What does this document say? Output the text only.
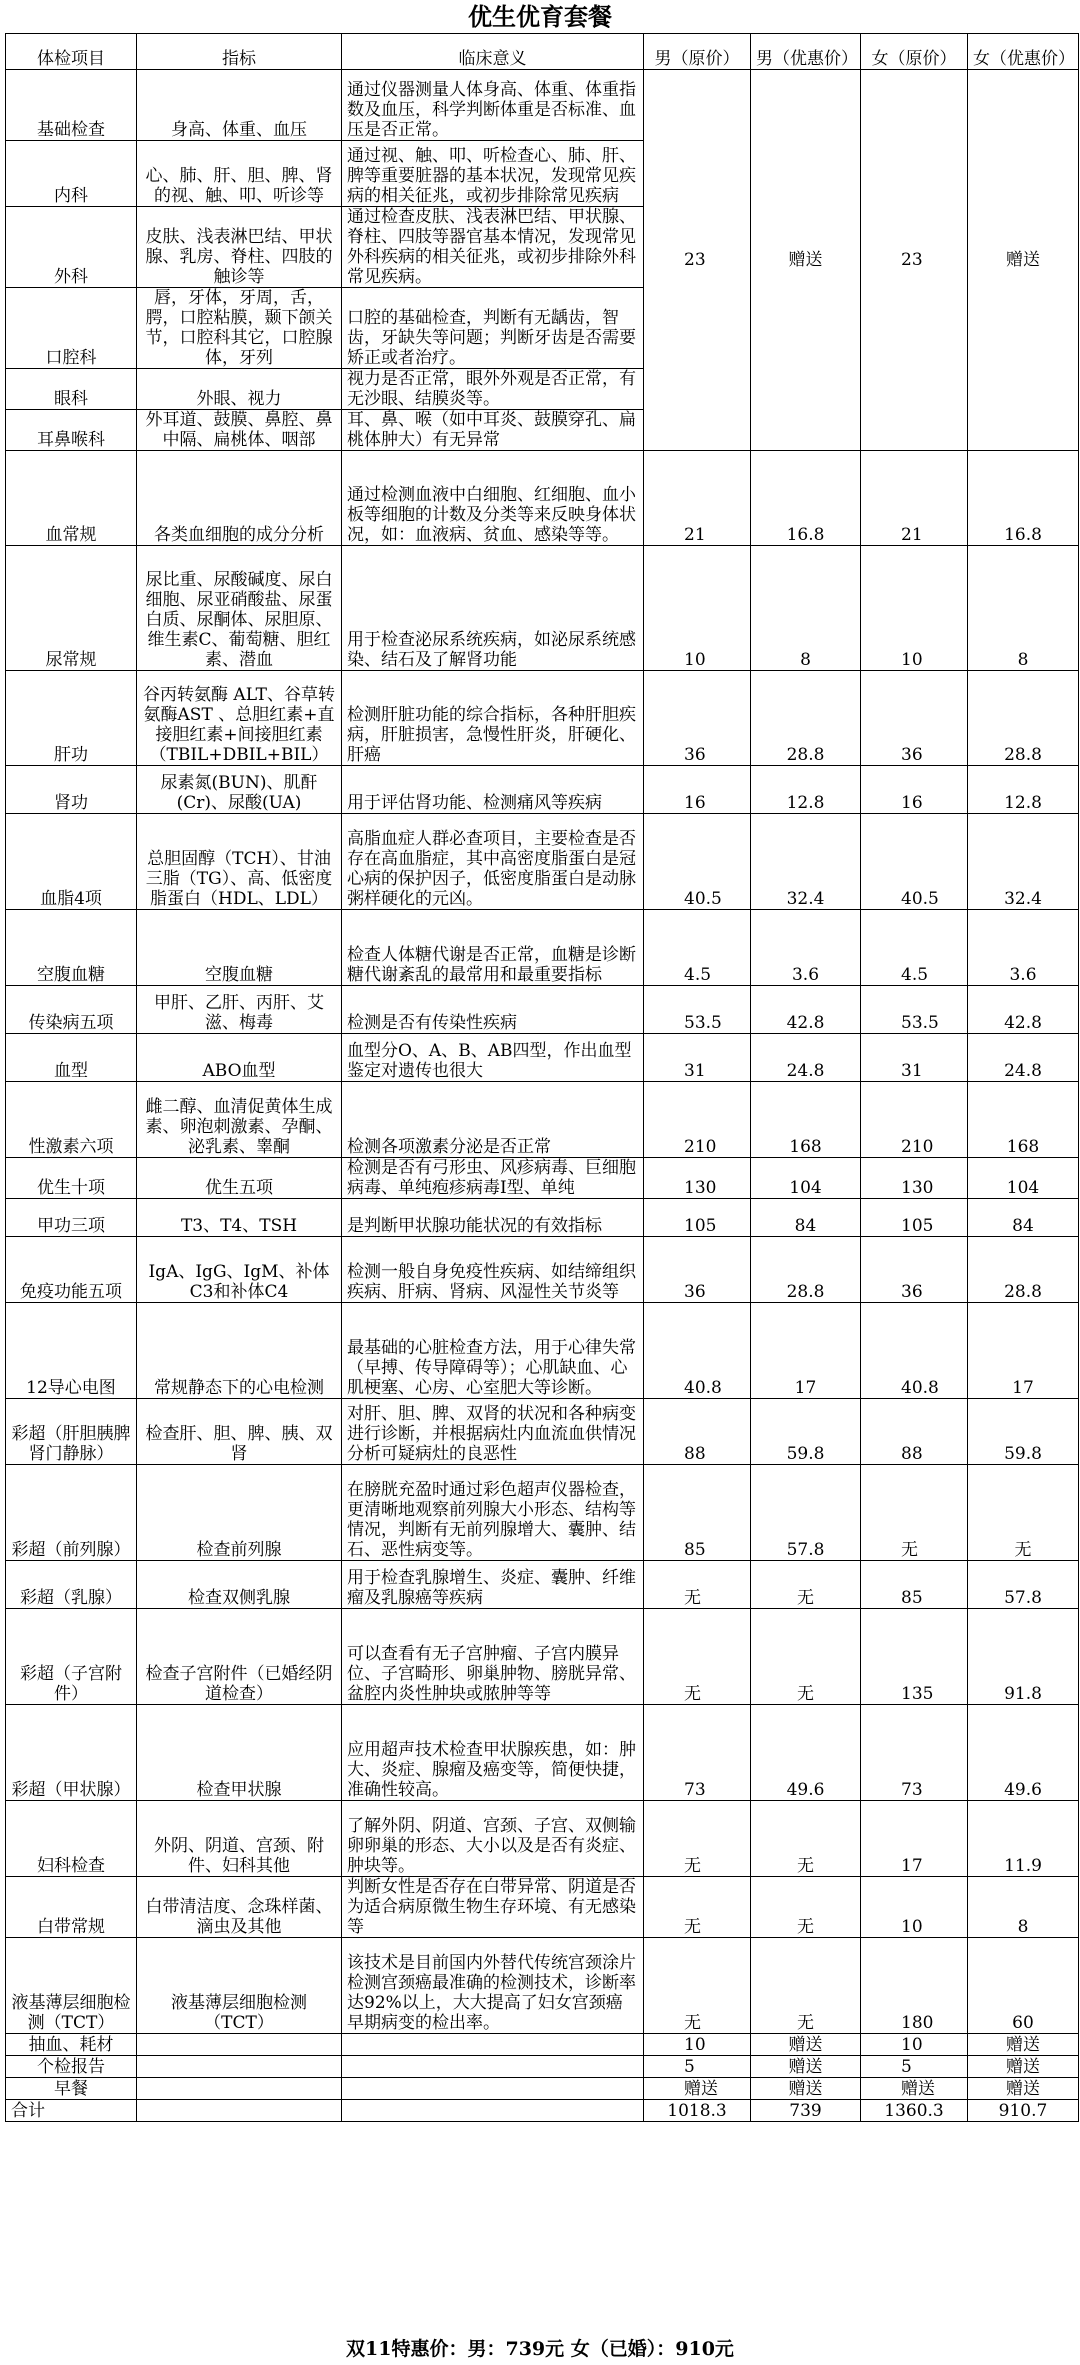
优生优育套餐
体检项目	指标	临床意义	男（原价）	男（优惠价）	女（原价）	女（优惠价）
基础检查	身高、体重、血压	通过仪器测量人体身高、体重、体重指数及血压，科学判断体重是否标准、血压是否正常。	23	赠送	23	赠送
内科	心、肺、肝、胆、脾、肾的视、触、叩、听诊等	通过视、触、叩、听检查心、肺、肝、脾等重要脏器的基本状况，发现常见疾病的相关征兆，或初步排除常见疾病				
外科	皮肤、浅表淋巴结、甲状腺、乳房、脊柱、四肢的触诊等	通过检查皮肤、浅表淋巴结、甲状腺、脊柱、四肢等器官基本情况，发现常见外科疾病的相关征兆，或初步排除外科常见疾病。				
口腔科	唇，牙体，牙周，舌，腭，口腔粘膜，颞下颌关节，口腔科其它，口腔腺体，牙列	口腔的基础检查，判断有无龋齿，智齿，牙缺失等问题；判断牙齿是否需要矫正或者治疗。				
眼科	外眼、视力	视力是否正常，眼外外观是否正常，有无沙眼、结膜炎等。				
耳鼻喉科	外耳道、鼓膜、鼻腔、鼻中隔、扁桃体、咽部	耳、鼻、喉（如中耳炎、鼓膜穿孔、扁桃体肿大）有无异常				
血常规	各类血细胞的成分分析	通过检测血液中白细胞、红细胞、血小板等细胞的计数及分类等来反映身体状况，如：血液病、贫血、感染等等。	21	16.8	21	16.8
尿常规	尿比重、尿酸碱度、尿白细胞、尿亚硝酸盐、尿蛋白质、尿酮体、尿胆原、维生素C、葡萄糖、胆红素、潜血	用于检查泌尿系统疾病，如泌尿系统感染、结石及了解肾功能	10	8	10	8
肝功	谷丙转氨酶 ALT、谷草转氨酶AST 、总胆红素+直接胆红素+间接胆红素（TBIL+DBIL+BIL）	检测肝脏功能的综合指标，各种肝胆疾病，肝脏损害，急慢性肝炎，肝硬化、肝癌	36	28.8	36	28.8
肾功	尿素氮(BUN)、肌酐(Cr)、尿酸(UA)	用于评估肾功能、检测痛风等疾病	16	12.8	16	12.8
血脂4项	总胆固醇（TCH）、甘油三脂（TG）、高、低密度脂蛋白（HDL、LDL）	高脂血症人群必查项目，主要检查是否存在高血脂症，其中高密度脂蛋白是冠心病的保护因子，低密度脂蛋白是动脉粥样硬化的元凶。	40.5	32.4	40.5	32.4
空腹血糖	空腹血糖	检查人体糖代谢是否正常，血糖是诊断糖代谢紊乱的最常用和最重要指标	4.5	3.6	4.5	3.6
传染病五项	甲肝、乙肝、丙肝、艾滋、梅毒	检测是否有传染性疾病	53.5	42.8	53.5	42.8
血型	ABO血型	血型分O、A、B、AB四型，作出血型鉴定对遗传也很大	31	24.8	31	24.8
性激素六项	雌二醇、血清促黄体生成素、卵泡刺激素、孕酮、泌乳素、睾酮	检测各项激素分泌是否正常	210	168	210	168
优生十项	优生五项	检测是否有弓形虫、风疹病毒、巨细胞病毒、单纯疱疹病毒I型、单纯	130	104	130	104
甲功三项	T3、T4、TSH	是判断甲状腺功能状况的有效指标	105	84	105	84
免疫功能五项	IgA、IgG、IgM、补体C3和补体C4	检测一般自身免疫性疾病、如结缔组织疾病、肝病、肾病、风湿性关节炎等	36	28.8	36	28.8
12导心电图	常规静态下的心电检测	最基础的心脏检查方法，用于心律失常（早搏、传导障碍等）；心肌缺血、心肌梗塞、心房、心室肥大等诊断。	40.8	17	40.8	17
彩超（肝胆胰脾肾门静脉）	检查肝、胆、脾、胰、双肾	对肝、胆、脾、双肾的状况和各种病变进行诊断，并根据病灶内血流血供情况分析可疑病灶的良恶性	88	59.8	88	59.8
彩超（前列腺）	检查前列腺	在膀胱充盈时通过彩色超声仪器检查，更清晰地观察前列腺大小形态、结构等情况，判断有无前列腺增大、囊肿、结石、恶性病变等。	85	57.8	无	无
彩超（乳腺）	检查双侧乳腺	用于检查乳腺增生、炎症、囊肿、纤维瘤及乳腺癌等疾病	无	无	85	57.8
彩超（子宫附件）	检查子宫附件（已婚经阴道检查）	可以查看有无子宫肿瘤、子宫内膜异位、子宫畸形、卵巢肿物、膀胱异常、盆腔内炎性肿块或脓肿等等	无	无	135	91.8
彩超（甲状腺）	检查甲状腺	应用超声技术检查甲状腺疾患，如：肿大、炎症、腺瘤及癌变等，简便快捷，准确性较高。	73	49.6	73	49.6
妇科检查	外阴、阴道、宫颈、附件、妇科其他	了解外阴、阴道、宫颈、子宫、双侧输卵卵巢的形态、大小以及是否有炎症、肿块等。	无	无	17	11.9
白带常规	白带清洁度、念珠样菌、滴虫及其他	判断女性是否存在白带异常、阴道是否为适合病原微生物生存环境、有无感染等	无	无	10	8
液基薄层细胞检测（TCT）	液基薄层细胞检测（TCT）	该技术是目前国内外替代传统宫颈涂片检测宫颈癌最准确的检测技术，诊断率达92%以上，大大提高了妇女宫颈癌早期病变的检出率。	无	无	180	60
抽血、耗材			10	赠送	10	赠送
个检报告			5	赠送	5	赠送
早餐			赠送	赠送	赠送	赠送
合计			1018.3	739	1360.3	910.7
双11特惠价：男：739元 女（已婚）：910元
